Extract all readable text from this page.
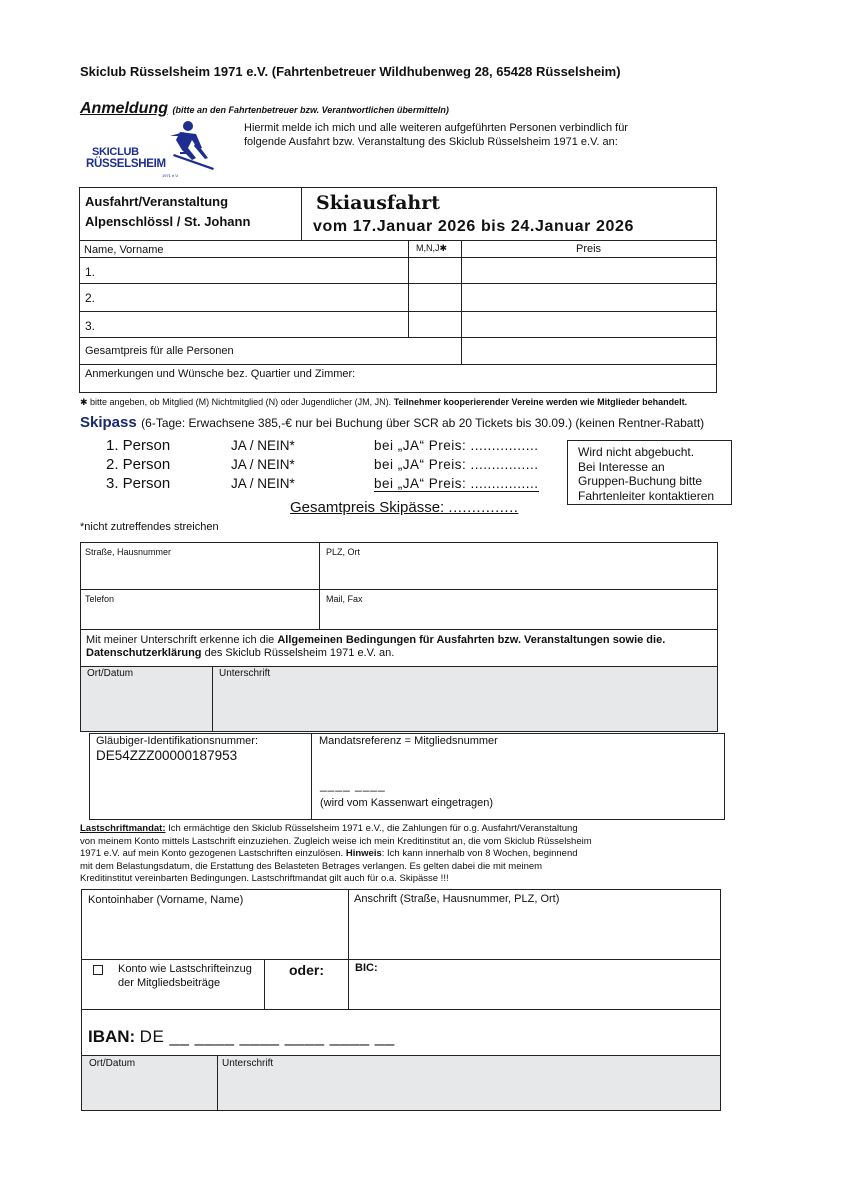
Skiclub Rüsselsheim 1971 e.V. (Fahrtenbetreuer Wildhubenweg 28, 65428 Rüsselsheim)
Anmeldung (bitte an den Fahrtenbetreuer bzw. Verantwortlichen übermitteln)
SKICLUB
RÜSSELSHEIM
1971 e.V.
Hiermit melde ich mich und alle weiteren aufgeführten Personen verbindlich für
folgende Ausfahrt bzw. Veranstaltung des Skiclub Rüsselsheim 1971 e.V. an:
Ausfahrt/Veranstaltung
Alpenschlössl / St. Johann
Skiausfahrt
vom 17.Januar 2026 bis 24.Januar 2026
Name, Vorname	M,N,J✱	Preis
1.
2.
3.
Gesamtpreis für alle Personen
Anmerkungen und Wünsche bez. Quartier und Zimmer:
✱ bitte angeben, ob Mitglied (M) Nichtmitglied (N) oder Jugendlicher (JM, JN). Teilnehmer kooperierender Vereine werden wie Mitglieder behandelt.
Skipass (6-Tage: Erwachsene 385,-€ nur bei Buchung über SCR ab 20 Tickets bis 30.09.) (keinen Rentner-Rabatt)
1. Person	JA / NEIN*	bei „JA“ Preis: ................
2. Person	JA / NEIN*	bei „JA“ Preis: ................
3. Person	JA / NEIN*	bei „JA“ Preis: ................
Wird nicht abgebucht.
Bei Interesse an
Gruppen-Buchung bitte
Fahrtenleiter kontaktieren
Gesamtpreis Skipässe: ...............
*nicht zutreffendes streichen
Straße, Hausnummer	PLZ, Ort
Telefon	Mail, Fax
Mit meiner Unterschrift erkenne ich die Allgemeinen Bedingungen für Ausfahrten bzw. Veranstaltungen sowie die.
Datenschutzerklärung des Skiclub Rüsselsheim 1971 e.V. an.
Ort/Datum	Unterschrift
Gläubiger-Identifikationsnummer:
DE54ZZZ00000187953
Mandatsreferenz = Mitgliedsnummer
____ ____
(wird vom Kassenwart eingetragen)
Lastschriftmandat: Ich ermächtige den Skiclub Rüsselsheim 1971 e.V., die Zahlungen für o.g. Ausfahrt/Veranstaltung
von meinem Konto mittels Lastschrift einzuziehen. Zugleich weise ich mein Kreditinstitut an, die vom Skiclub Rüsselsheim
1971 e.V. auf mein Konto gezogenen Lastschriften einzulösen. Hinweis: Ich kann innerhalb von 8 Wochen, beginnend
mit dem Belastungsdatum, die Erstattung des Belasteten Betrages verlangen. Es gelten dabei die mit meinem
Kreditinstitut vereinbarten Bedingungen. Lastschriftmandat gilt auch für o.a. Skipässe !!!
Kontoinhaber (Vorname, Name)	Anschrift (Straße, Hausnummer, PLZ, Ort)
Konto wie Lastschrifteinzug
der Mitgliedsbeiträge
oder:	BIC:
IBAN: DE __ ____ ____ ____ ____ __
Ort/Datum	Unterschrift
